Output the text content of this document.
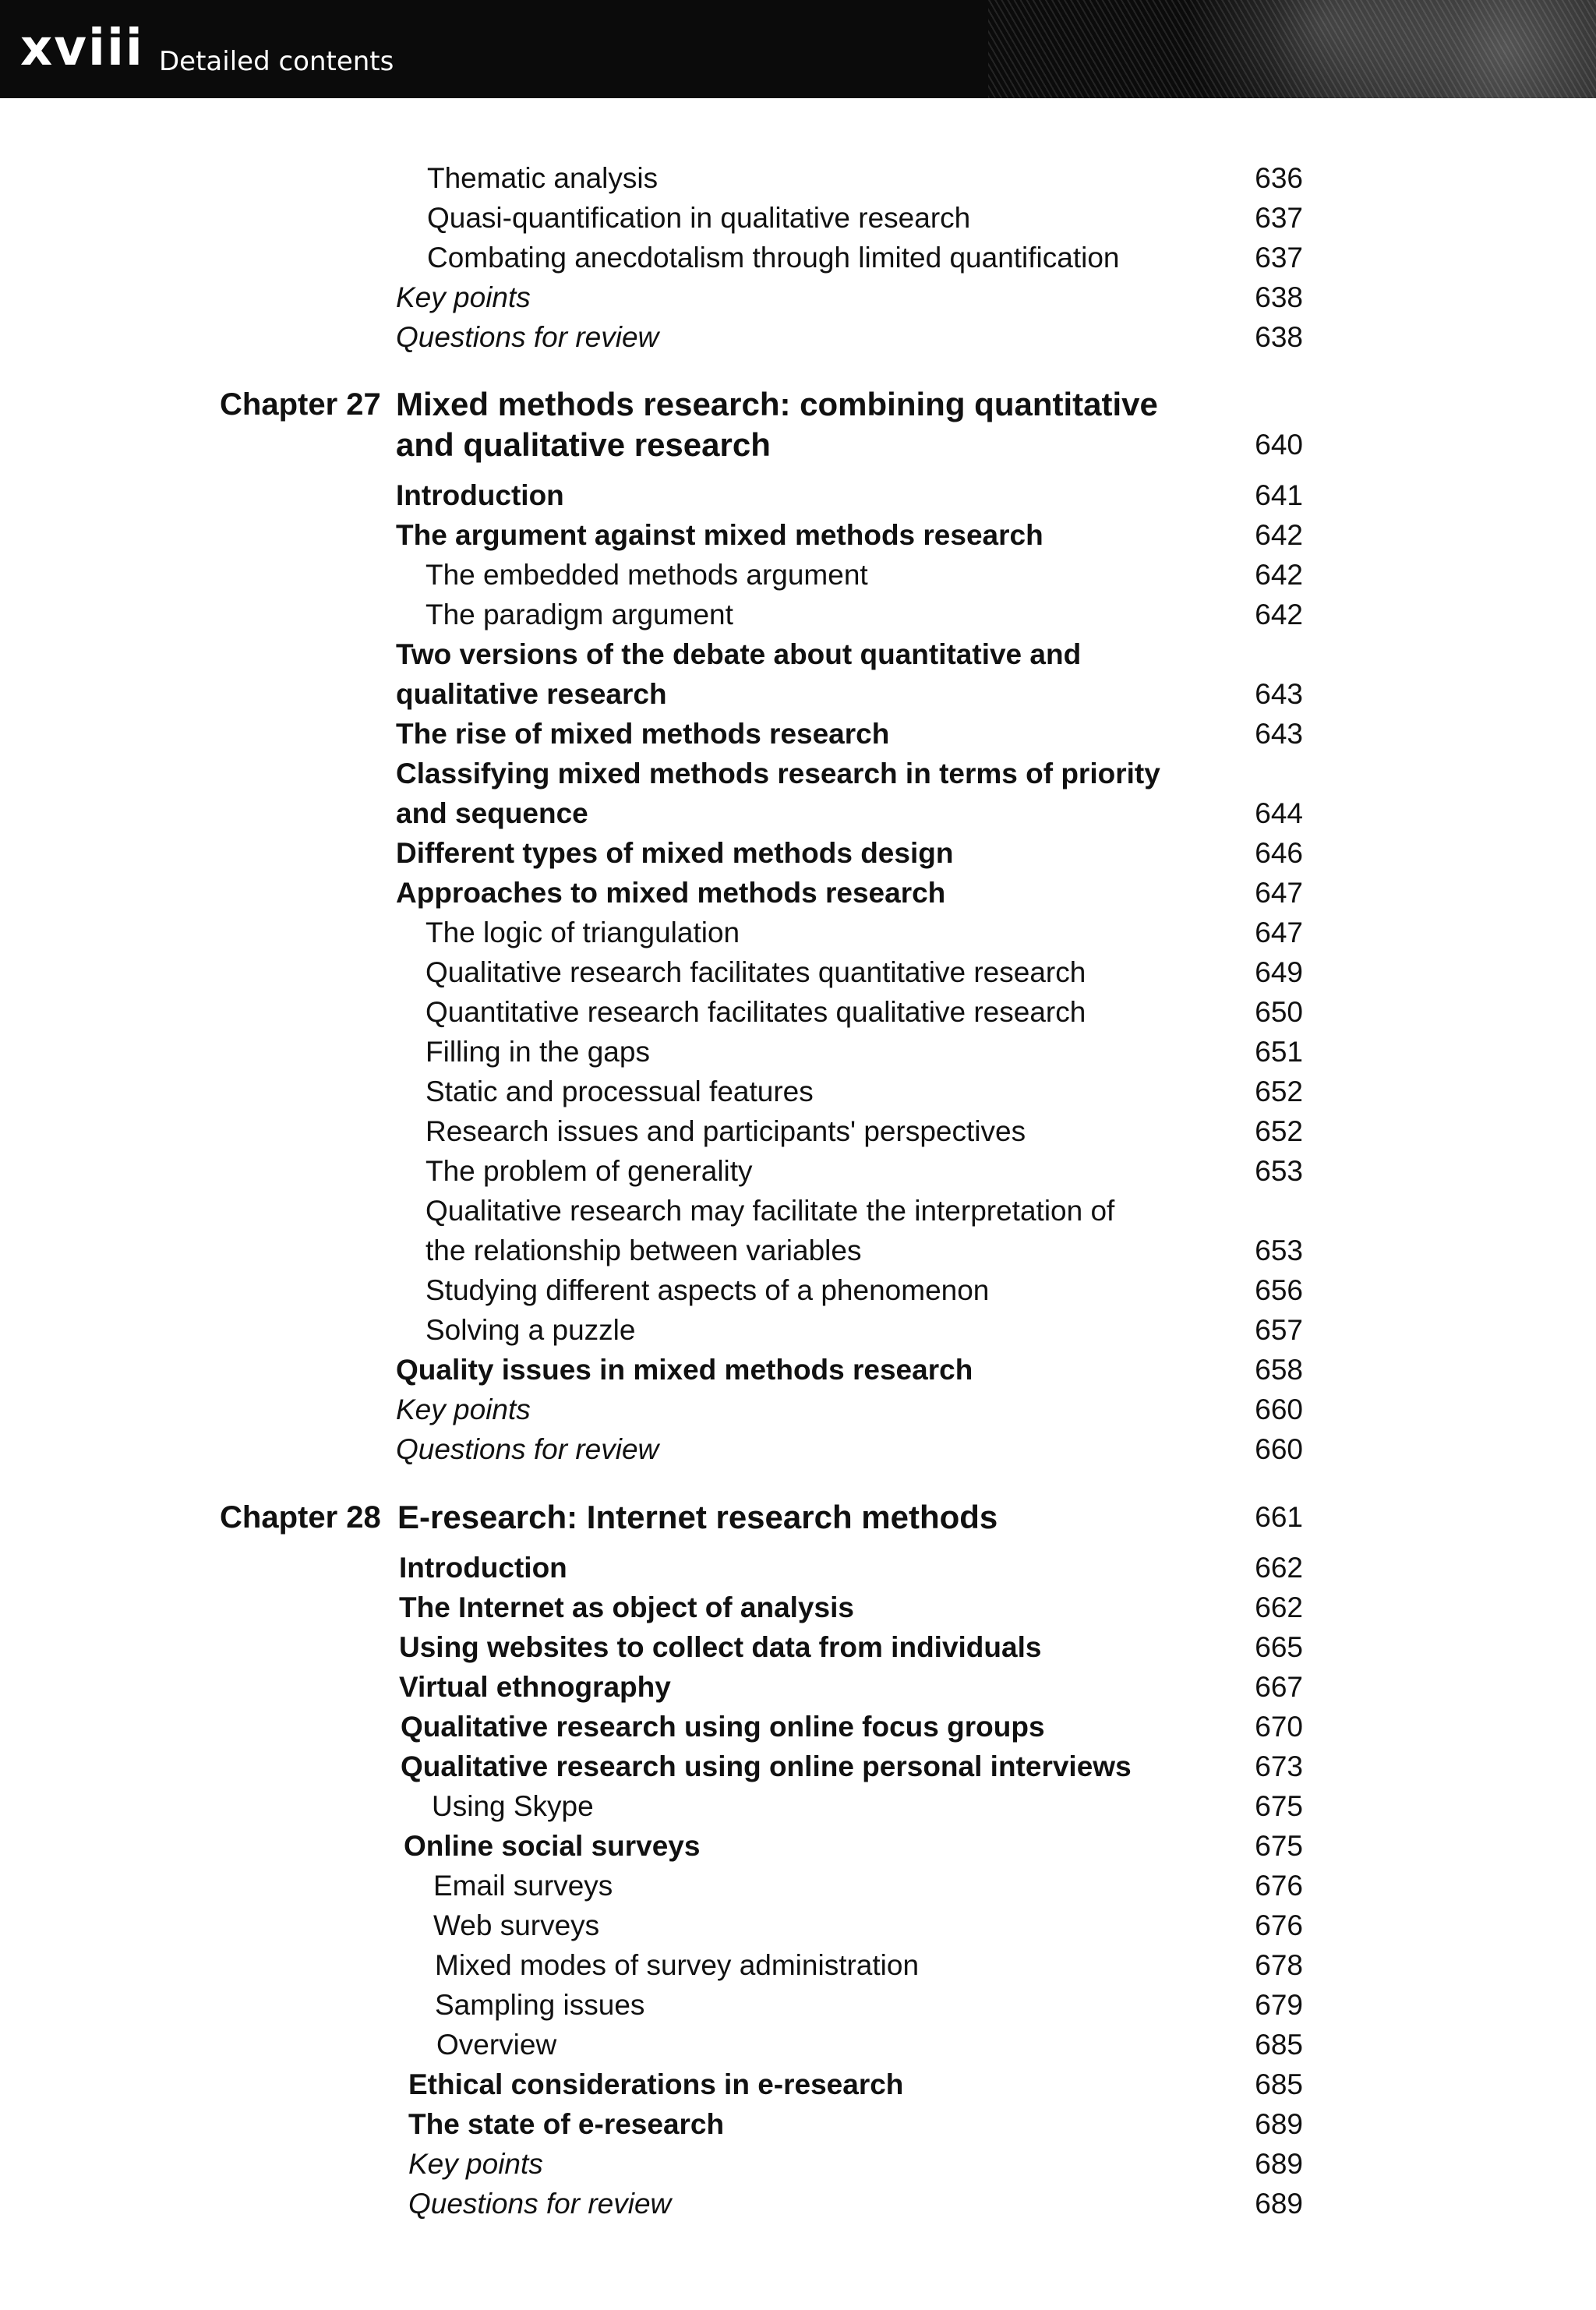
xviii Detailed contents
Thematic analysis	636
Quasi-quantification in qualitative research	637
Combating anecdotalism through limited quantification	637
Key points	638
Questions for review	638
Chapter 27 Mixed methods research: combining quantitative
and qualitative research	640
Introduction	641
The argument against mixed methods research	642
The embedded methods argument	642
The paradigm argument	642
Two versions of the debate about quantitative and
qualitative research	643
The rise of mixed methods research	643
Classifying mixed methods research in terms of priority
and sequence	644
Different types of mixed methods design	646
Approaches to mixed methods research	647
The logic of triangulation	647
Qualitative research facilitates quantitative research	649
Quantitative research facilitates qualitative research	650
Filling in the gaps	651
Static and processual features	652
Research issues and participants' perspectives	652
The problem of generality	653
Qualitative research may facilitate the interpretation of
the relationship between variables	653
Studying different aspects of a phenomenon	656
Solving a puzzle	657
Quality issues in mixed methods research	658
Key points	660
Questions for review	660
Chapter 28 E-research: Internet research methods	661
Introduction	662
The Internet as object of analysis	662
Using websites to collect data from individuals	665
Virtual ethnography	667
Qualitative research using online focus groups	670
Qualitative research using online personal interviews	673
Using Skype	675
Online social surveys	675
Email surveys	676
Web surveys	676
Mixed modes of survey administration	678
Sampling issues	679
Overview	685
Ethical considerations in e-research	685
The state of e-research	689
Key points	689
Questions for review	689
